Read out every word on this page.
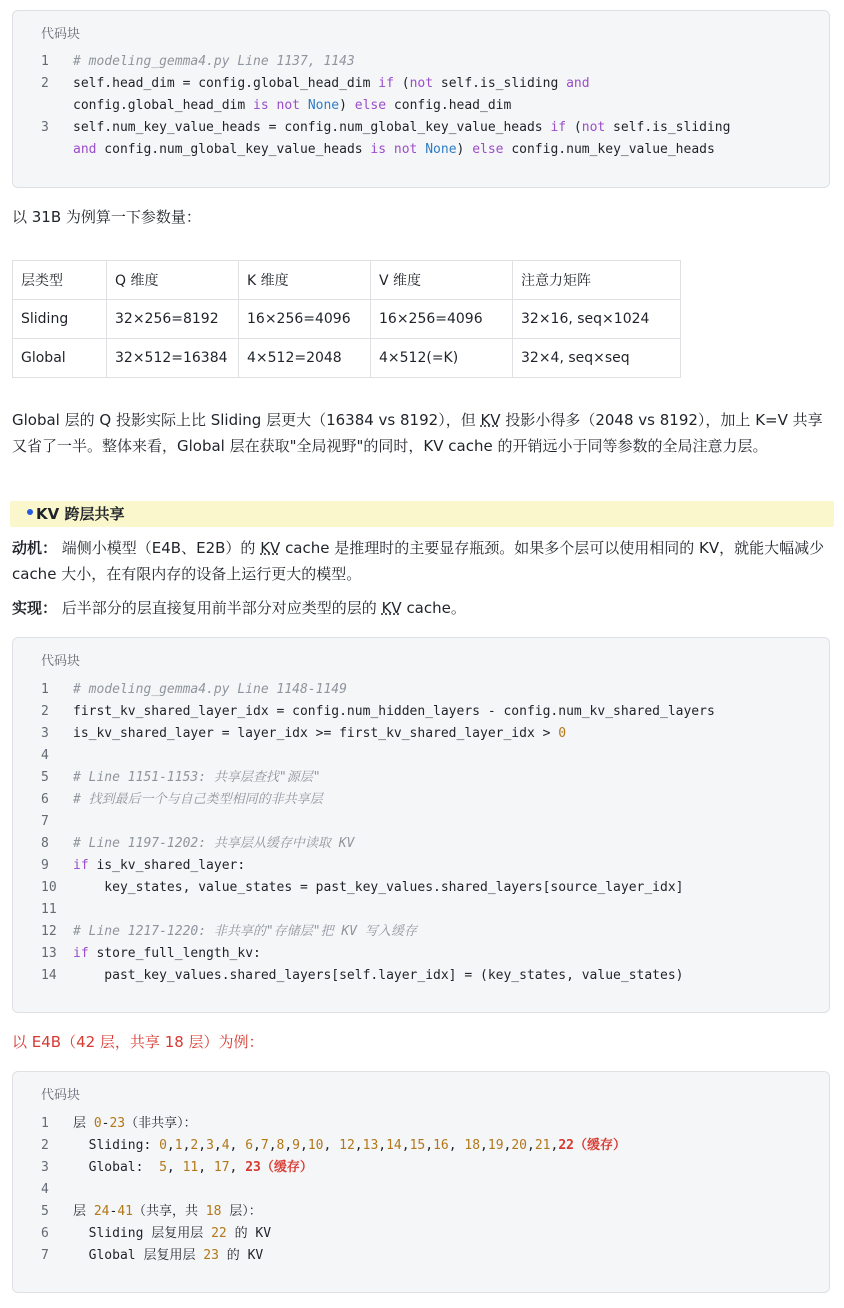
代码块

1

	# modeling_gemma4.py Line 1137, 1143

2

	self.head_dim = config.global_head_dim if (not self.is_sliding and

config.global_head_dim is not None) else config.head_dim

3

	self.num_key_value_heads = config.num_global_key_value_heads if (not self.is_sliding

and config.num_global_key_value_heads is not None) else config.num_key_value_heads

以 31B 为例算一下参数量：
层类型	Q 维度	K 维度	V 维度	注意力矩阵
Sliding	32×256=8192	16×256=4096	16×256=4096	32×16, seq×1024
Global	32×512=16384	4×512=2048	4×512(=K)	32×4, seq×seq
Global 层的 Q 投影实际上比 Sliding 层更大（16384 vs 8192），但 KV 投影小得多（2048 vs 8192），加上 K=V 共享又省了一半。整体来看，Global 层在获取"全局视野"的同时，KV cache 的开销远小于同等参数的全局注意力层。
KV 跨层共享
动机： 端侧小模型（E4B、E2B）的 KV cache 是推理时的主要显存瓶颈。如果多个层可以使用相同的 KV，就能大幅减少 cache 大小，在有限内存的设备上运行更大的模型。
实现： 后半部分的层直接复用前半部分对应类型的层的 KV cache。
代码块
1	# modeling_gemma4.py Line 1148-1149
2	first_kv_shared_layer_idx = config.num_hidden_layers - config.num_kv_shared_layers
3	is_kv_shared_layer = layer_idx >= first_kv_shared_layer_idx > 0
4
5	# Line 1151-1153: 共享层查找"源层"
6	# 找到最后一个与自己类型相同的非共享层
7
8	# Line 1197-1202: 共享层从缓存中读取 KV
9	if is_kv_shared_layer:
10	key_states, value_states = past_key_values.shared_layers[source_layer_idx]
11
12	# Line 1217-1220: 非共享的"存储层"把 KV 写入缓存
13	if store_full_length_kv:
14	past_key_values.shared_layers[self.layer_idx] = (key_states, value_states)
以 E4B（42 层，共享 18 层）为例：
代码块
1	层 0-23（非共享）：
2	Sliding: 0,1,2,3,4, 6,7,8,9,10, 12,13,14,15,16, 18,19,20,21,22（缓存）
3	Global:  5, 11, 17, 23（缓存）
4
5	层 24-41（共享，共 18 层）：
6	Sliding 层复用层 22 的 KV
7	Global 层复用层 23 的 KV
